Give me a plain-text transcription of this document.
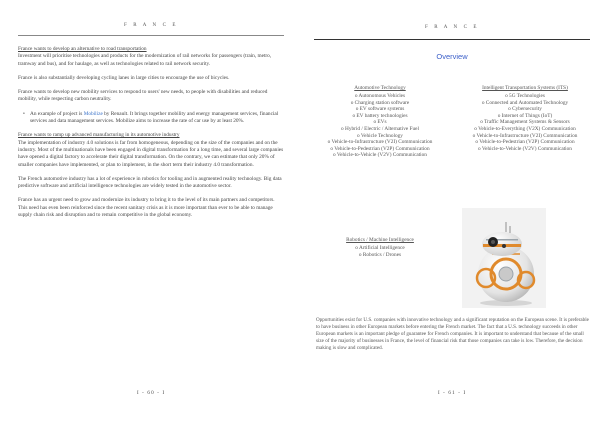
F R A N C E
France wants to develop an alternative to road transportation
Investment will prioritise technologies and products for the modernization of rail networks for passengers (train, metro, tramway and bus), and for haulage, as well as technologies related to rail network security.
France is also substantially developing cycling lanes in large cities to encourage the use of bicycles.
France wants to develop new mobility services to respond to users' new needs, to people with disabilities and reduced mobility, while respecting carbon neutrality.
• An example of project is Mobilize by Renault. It brings together mobility and energy management services, financial services and data management services. Mobilize aims to increase the rate of car use by at least 20%.
France wants to ramp up advanced manufacturing in its automotive industry
The implementation of industry 4.0 solutions is far from homogeneous, depending on the size of the companies and on the industry. Most of the multinationals have been engaged in digital transformation for a long time, and several large companies have opened a digital factory to accelerate their digital transformation. On the contrary, we can estimate that only 20% of smaller companies have implemented, or plan to implement, in the short term their industry 4.0 transformation.
The French automotive industry has a lot of experience in robotics for tooling and in augmented reality technology. Big data predictive software and artificial intelligence technologies are widely tested in the automotive sector.
France has an urgent need to grow and modernize its industry to bring it to the level of its main partners and competitors. This need has even been reinforced since the recent sanitary crisis as it is more important than ever to be able to manage supply chain risk and disruption and to remain competitive in the global economy.
I - 60 - I
F R A N C E
Overview
Automotive Technology
o Autonomous Vehicles
o Charging station software
o EV software systems
o EV battery technologies
o EVs
o Hybrid / Electric / Alternative Fuel
o Vehicle Technology
o Vehicle-to-Infrastructure (V2I) Communication
o Vehicle-to-Pedestrian (V2P) Communication
o Vehicle-to-Vehicle (V2V) Communication
Intelligent Transportation Systems (ITS)
o 5G Technologies
o Connected and Automated Technology
o Cybersecurity
o Internet of Things (IoT)
o Traffic Management Systems & Sensors
o Vehicle-to-Everything (V2X) Communication
o Vehicle-to-Infrastructure (V2I) Communication
o Vehicle-to-Pedestrian (V2P) Communication
o Vehicle-to-Vehicle (V2V) Communication
Robotics / Machine Intelligence
o Artificial Intelligence
o Robotics / Drones
Opportunities exist for U.S. companies with innovative technology and a significant reputation on the European scene. It is preferable to have business in other European markets before entering the French market. The fact that a U.S. technology succeeds in other European markets is an important pledge of guarantee for French companies. It is important to understand that because of the small size of the majority of businesses in France, the level of financial risk that those companies can take is low. Therefore, the decision making is slow and complicated.
I - 61 - I
